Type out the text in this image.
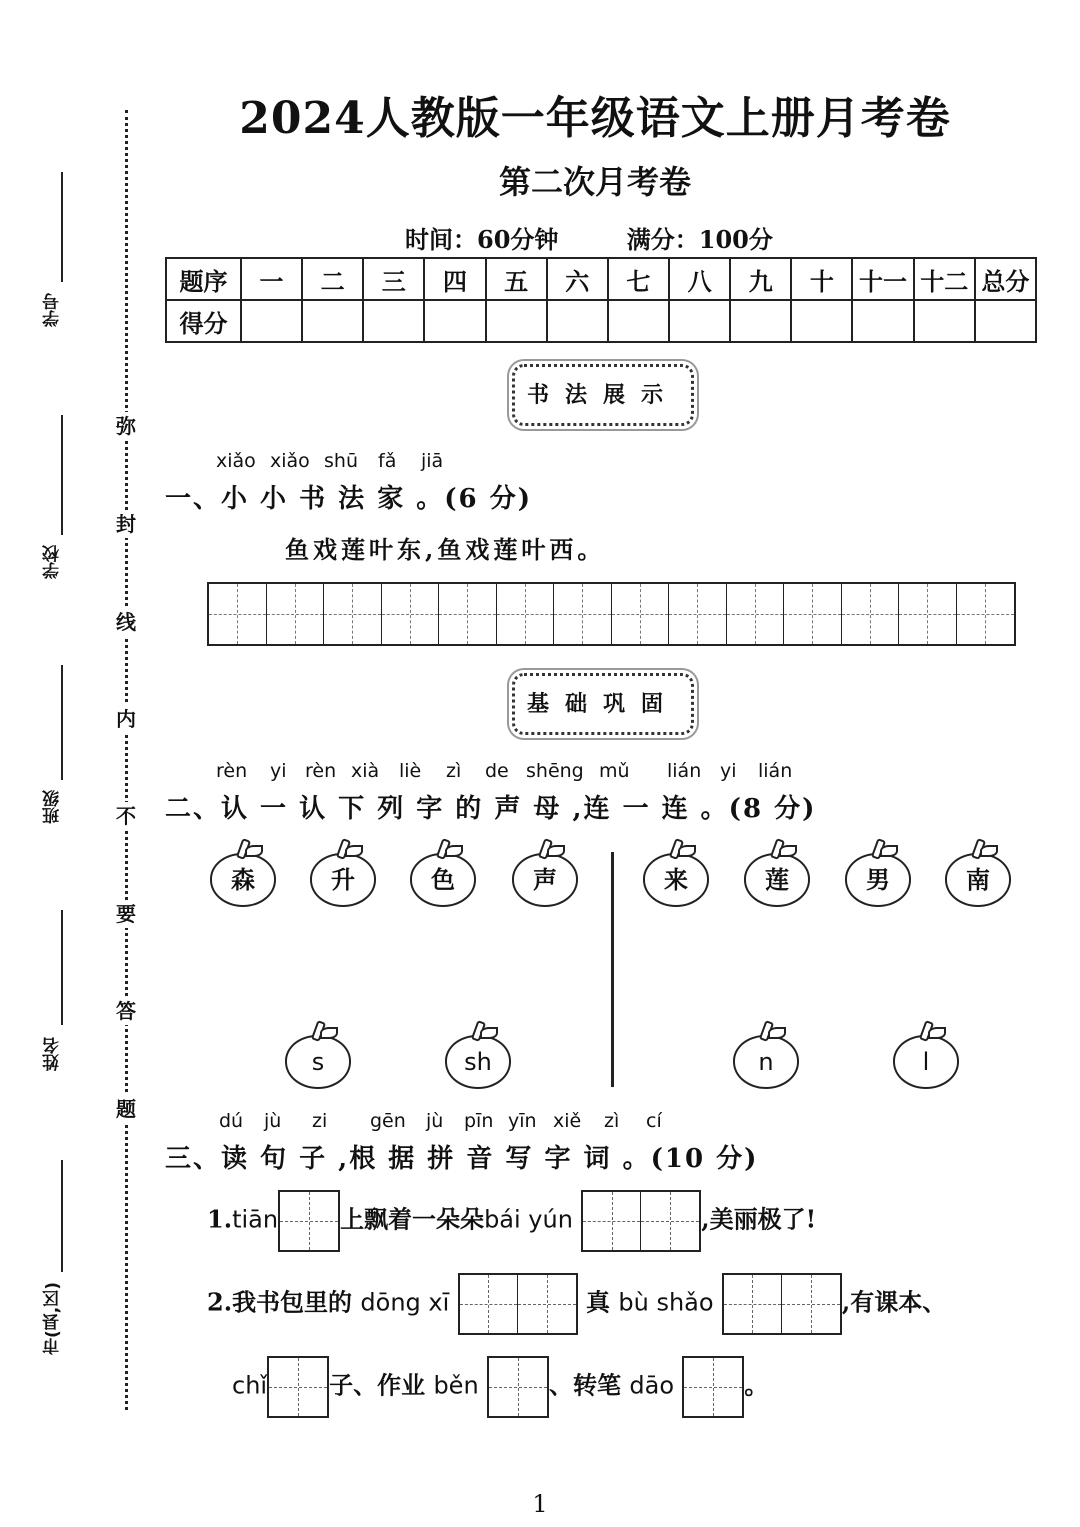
弥
封
线
内
不
要
答
题
学号
学校
班级
姓名
市(县,区)
2024人教版一年级语文上册月考卷
第二次月考卷
时间：60分钟	满分：100分
题序	一	二	三	四	五	六	七	八	九	十	十一	十二	总分
得分													
书法展示
xiǎo xiǎo shū fǎ jiā
一、小 小 书 法 家 。(6 分)
鱼戏莲叶东,鱼戏莲叶西。
基础巩固
rèn yi rèn xià liè zì de shēng mǔ lián yi lián
二、认 一 认 下 列 字 的 声 母 ,连 一 连 。(8 分)
森	升	色	声	来	莲	男	南
s	sh	n	l
dú jù zi gēn jù pīn yīn xiě zì cí
三、读 句 子 ,根 据 拼 音 写 字 词 。(10 分)
1.tiān	上飘着一朵朵bái yún	,美丽极了!
2.我书包里的 dōng xī	真 bù shǎo	,有课本、
chǐ	子、作业 běn	、转笔 dāo	。
1
